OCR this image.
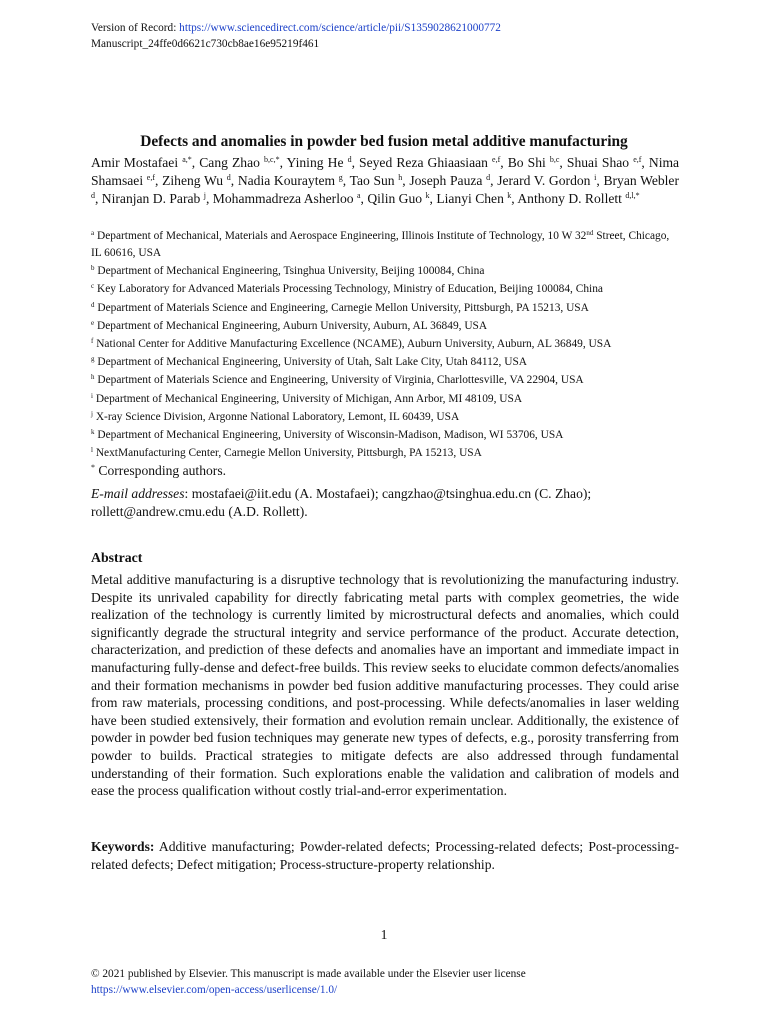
Version of Record: https://www.sciencedirect.com/science/article/pii/S1359028621000772
Manuscript_24ffe0d6621c730cb8ae16e95219f461
Defects and anomalies in powder bed fusion metal additive manufacturing
Amir Mostafaei $^{a,*}$, Cang Zhao $^{b,c,*}$, Yining He $^d$, Seyed Reza Ghiaasiaan $^{e,f}$, Bo Shi $^{b,c}$, Shuai Shao $^{e,f}$, Nima Shamsaei $^{e,f}$, Ziheng Wu $^d$, Nadia Kouraytem $^g$, Tao Sun $^h$, Joseph Pauza $^d$, Jerard V. Gordon $^i$, Bryan Webler $^d$, Niranjan D. Parab $^j$, Mohammadreza Asherloo $^a$, Qilin Guo $^k$, Lianyi Chen $^k$, Anthony D. Rollett $^{d,l,*}$
$^a$ Department of Mechanical, Materials and Aerospace Engineering, Illinois Institute of Technology, 10 W 32nd Street, Chicago, IL 60616, USA
$^b$ Department of Mechanical Engineering, Tsinghua University, Beijing 100084, China
$^c$ Key Laboratory for Advanced Materials Processing Technology, Ministry of Education, Beijing 100084, China
$^d$ Department of Materials Science and Engineering, Carnegie Mellon University, Pittsburgh, PA 15213, USA
$^e$ Department of Mechanical Engineering, Auburn University, Auburn, AL 36849, USA
$^f$ National Center for Additive Manufacturing Excellence (NCAME), Auburn University, Auburn, AL 36849, USA
$^g$ Department of Mechanical Engineering, University of Utah, Salt Lake City, Utah 84112, USA
$^h$ Department of Materials Science and Engineering, University of Virginia, Charlottesville, VA 22904, USA
$^i$ Department of Mechanical Engineering, University of Michigan, Ann Arbor, MI 48109, USA
$^j$ X-ray Science Division, Argonne National Laboratory, Lemont, IL 60439, USA
$^k$ Department of Mechanical Engineering, University of Wisconsin-Madison, Madison, WI 53706, USA
$^l$ NextManufacturing Center, Carnegie Mellon University, Pittsburgh, PA 15213, USA
* Corresponding authors.
E-mail addresses: mostafaei@iit.edu (A. Mostafaei); cangzhao@tsinghua.edu.cn (C. Zhao); rollett@andrew.cmu.edu (A.D. Rollett).
Abstract

Metal additive manufacturing is a disruptive technology that is revolutionizing the manufacturing industry. Despite its unrivaled capability for directly fabricating metal parts with complex geometries, the wide realization of the technology is currently limited by microstructural defects and anomalies, which could significantly degrade the structural integrity and service performance of the product. Accurate detection, characterization, and prediction of these defects and anomalies have an important and immediate impact in manufacturing fully-dense and defect-free builds. This review seeks to elucidate common defects/anomalies and their formation mechanisms in powder bed fusion additive manufacturing processes. They could arise from raw materials, processing conditions, and post-processing. While defects/anomalies in laser welding have been studied extensively, their formation and evolution remain unclear. Additionally, the existence of powder in powder bed fusion techniques may generate new types of defects, e.g., porosity transferring from powder to builds. Practical strategies to mitigate defects are also addressed through fundamental understanding of their formation. Such explorations enable the validation and calibration of models and ease the process qualification without costly trial-and-error experimentation.

Keywords: Additive manufacturing; Powder-related defects; Processing-related defects; Post-processing-related defects; Defect mitigation; Process-structure-property relationship.

1
© 2021 published by Elsevier. This manuscript is made available under the Elsevier user license
https://www.elsevier.com/open-access/userlicense/1.0/
